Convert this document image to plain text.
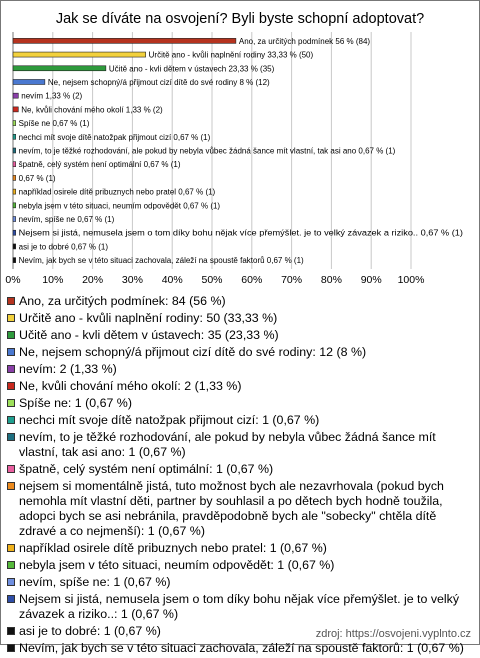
Jak se díváte na osvojení? Byli byste schopní adoptovat?
0% 10% 20% 30% 40% 50% 60% 70% 80% 90% 100%
Ano, za určitých podmínek 56 % (84)
Určitě ano - kvůli naplnění rodiny 33,33 % (50)
Učitě ano - kvli dětem v ústavech 23,33 % (35)
Ne, nejsem schopný/á přijmout cizí dítě do své rodiny 8 % (12)
nevím 1,33 % (2)
Ne, kvůli chování mého okolí 1,33 % (2)
Spíše ne 0,67 % (1)
nechci mít svoje dítě natožpak přijmout cizí 0,67 % (1)
nevím, to je těžké rozhodování, ale pokud by nebyla vůbec žádná šance mít vlastní, tak asi ano 0,67 % (1)
špatně, celý systém není optimální 0,67 % (1)
0,67 % (1)
například osirele dítě pribuznych nebo pratel 0,67 % (1)
nebyla jsem v této situaci, neumím odpovědět 0,67 % (1)
nevím, spíše ne 0,67 % (1)
Nejsem si jistá, nemusela jsem o tom díky bohu nějak více přemýšlet. je to velký závazek a riziko.. 0,67 % (1)
asi je to dobré 0,67 % (1)
Nevím, jak bych se v této situaci zachovala, záleží na spoustě faktorů 0,67 % (1)
Ano, za určitých podmínek: 84 (56 %)
Určitě ano - kvůli naplnění rodiny: 50 (33,33 %)
Učitě ano - kvli dětem v ústavech: 35 (23,33 %)
Ne, nejsem schopný/á přijmout cizí dítě do své rodiny: 12 (8 %)
nevím: 2 (1,33 %)
Ne, kvůli chování mého okolí: 2 (1,33 %)
Spíše ne: 1 (0,67 %)
nechci mít svoje dítě natožpak přijmout cizí: 1 (0,67 %)
nevím, to je těžké rozhodování, ale pokud by nebyla vůbec žádná šance mít vlastní, tak asi ano: 1 (0,67 %)
špatně, celý systém není optimální: 1 (0,67 %)
nejsem si momentálně jistá, tuto možnost bych ale nezavrhovala (pokud bych nemohla mít vlastní děti, partner by souhlasil a po dětech bych hodně toužila, adopci bych se asi nebránila, pravděpodobně bych ale "sobecky" chtěla dítě zdravé a co nejmenší): 1 (0,67 %)
například osirele dítě pribuznych nebo pratel: 1 (0,67 %)
nebyla jsem v této situaci, neumím odpovědět: 1 (0,67 %)
nevím, spíše ne: 1 (0,67 %)
Nejsem si jistá, nemusela jsem o tom díky bohu nějak více přemýšlet. je to velký závazek a riziko..: 1 (0,67 %)
asi je to dobré: 1 (0,67 %)
Nevím, jak bych se v této situaci zachovala, záleží na spoustě faktorů: 1 (0,67 %)
zdroj: https://osvojeni.vyplnto.cz
